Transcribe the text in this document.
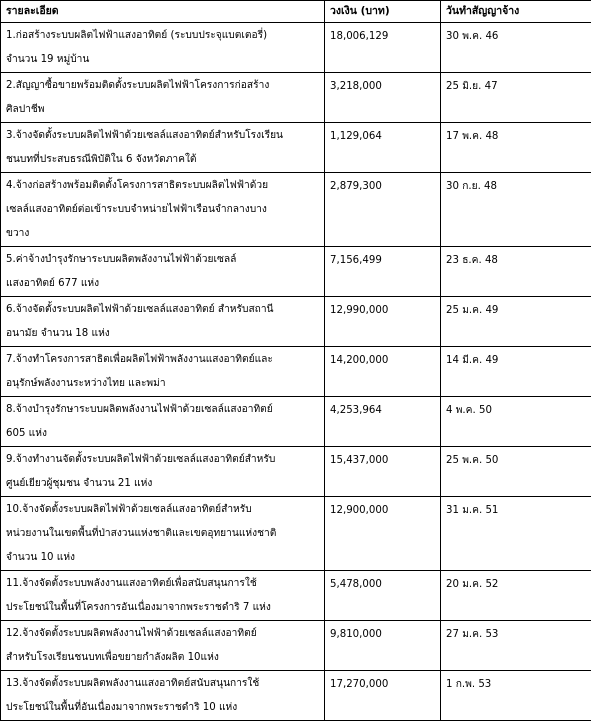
รายละเอียด	วงเงิน (บาท)	วันทำสัญญาจ้าง

1.ก่อสร้างระบบผลิตไฟฟ้าแสงอาทิตย์ (ระบบประจุแบตเตอรี่)
จำนวน 19 หมู่บ้าน	18,006,129	30 พ.ค. 46

2.สัญญาซื้อขายพร้อมติดตั้งระบบผลิตไฟฟ้าโครงการก่อสร้าง
ศิลปาชีพ	3,218,000	25 มิ.ย. 47

3.จ้างจัดตั้งระบบผลิตไฟฟ้าด้วยเซลล์แสงอาทิตย์สำหรับโรงเรียน
ชนบทที่ประสบธรณีพิบัติใน 6 จังหวัดภาคใต้	1,129,064	17 พ.ค. 48

4.จ้างก่อสร้างพร้อมติดตั้งโครงการสาธิตระบบผลิตไฟฟ้าด้วย
เซลล์แสงอาทิตย์ต่อเข้าระบบจำหน่ายไฟฟ้าเรือนจำกลางบาง
ขวาง	2,879,300	30 ก.ย. 48

5.ค่าจ้างบำรุงรักษาระบบผลิตพลังงานไฟฟ้าด้วยเซลล์
แสงอาทิตย์ 677 แห่ง	7,156,499	23 ธ.ค. 48

6.จ้างจัดตั้งระบบผลิตไฟฟ้าด้วยเซลล์แสงอาทิตย์ สำหรับสถานี
อนามัย จำนวน 18 แห่ง	12,990,000	25 ม.ค. 49

7.จ้างทำโครงการสาธิตเพื่อผลิตไฟฟ้าพลังงานแสงอาทิตย์และ
อนุรักษ์พลังงานระหว่างไทย และพม่า	14,200,000	14 มี.ค. 49

8.จ้างบำรุงรักษาระบบผลิตพลังงานไฟฟ้าด้วยเซลล์แสงอาทิตย์
605 แห่ง	4,253,964	4 พ.ค. 50

9.จ้างทำงานจัดตั้งระบบผลิตไฟฟ้าด้วยเซลล์แสงอาทิตย์สำหรับ
ศูนย์เยียวผู้ชุมชน จำนวน 21 แห่ง	15,437,000	25 พ.ค. 50

10.จ้างจัดตั้งระบบผลิตไฟฟ้าด้วยเซลล์แสงอาทิตย์สำหรับ
หน่วยงานในเขตพื้นที่ป่าสงวนแห่งชาติและเขตอุทยานแห่งชาติ
จำนวน 10 แห่ง	12,900,000	31 ม.ค. 51

11.จ้างจัดตั้งระบบพลังงานแสงอาทิตย์เพื่อสนับสนุนการใช้
ประโยชน์ในพื้นที่โครงการอันเนื่องมาจากพระราชดำริ 7 แห่ง	5,478,000	20 ม.ค. 52

12.จ้างจัดตั้งระบบผลิตพลังงานไฟฟ้าด้วยเซลล์แสงอาทิตย์
สำหรับโรงเรียนชนบทเพื่อขยายกำลังผลิต 10แห่ง	9,810,000	27 ม.ค. 53

13.จ้างจัดตั้งระบบผลิตพลังงานแสงอาทิตย์สนับสนุนการใช้
ประโยชน์ในพื้นที่อันเนื่องมาจากพระราชดำริ 10 แห่ง	17,270,000	1 ก.พ. 53
